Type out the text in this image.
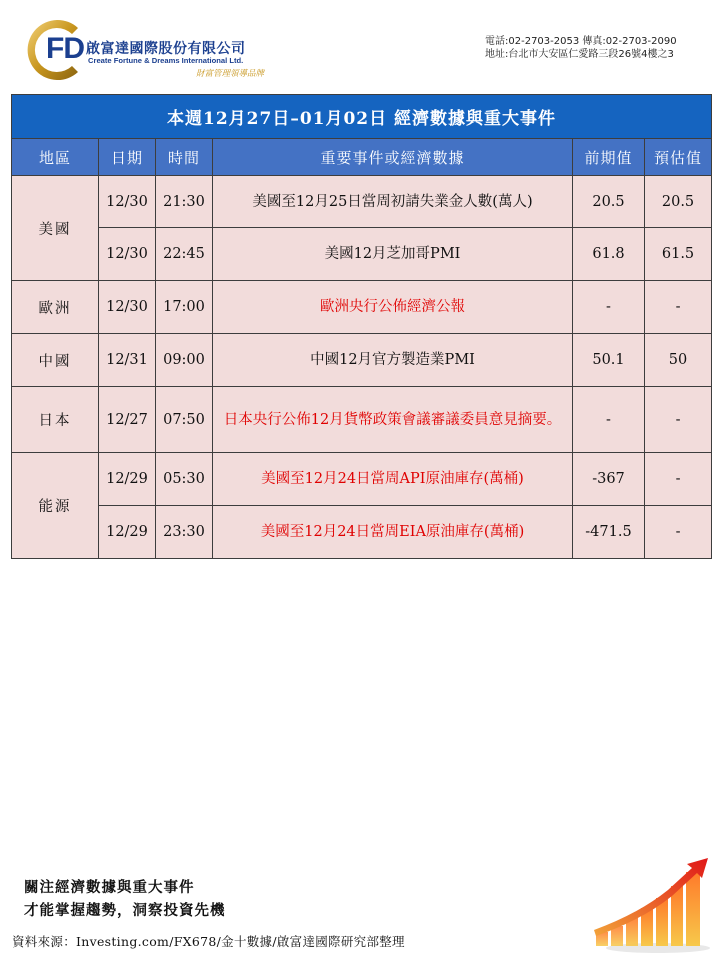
FD 啟富達國際股份有限公司
Create Fortune & Dreams International Ltd.
財富管理領導品牌
電話:02-2703-2053 傳真:02-2703-2090
地址:台北市大安區仁愛路三段26號4樓之3
本週12月27日–01月02日 經濟數據與重大事件					
地區	日期	時間	重要事件或經濟數據	前期值	預估值
美國	12/30	21:30	美國至12月25日當周初請失業金人數(萬人)	20.5	20.5
	12/30	22:45	美國12月芝加哥PMI	61.8	61.5
歐洲	12/30	17:00	歐洲央行公佈經濟公報	-	-
中國	12/31	09:00	中國12月官方製造業PMI	50.1	50
日本	12/27	07:50	日本央行公佈12月貨幣政策會議審議委員意見摘要。	-	-
能源	12/29	05:30	美國至12月24日當周API原油庫存(萬桶)	-367	-
	12/29	23:30	美國至12月24日當周EIA原油庫存(萬桶)	-471.5	-
關注經濟數據與重大事件
才能掌握趨勢，洞察投資先機
資料來源：Investing.com/FX678/金十數據/啟富達國際研究部整理
